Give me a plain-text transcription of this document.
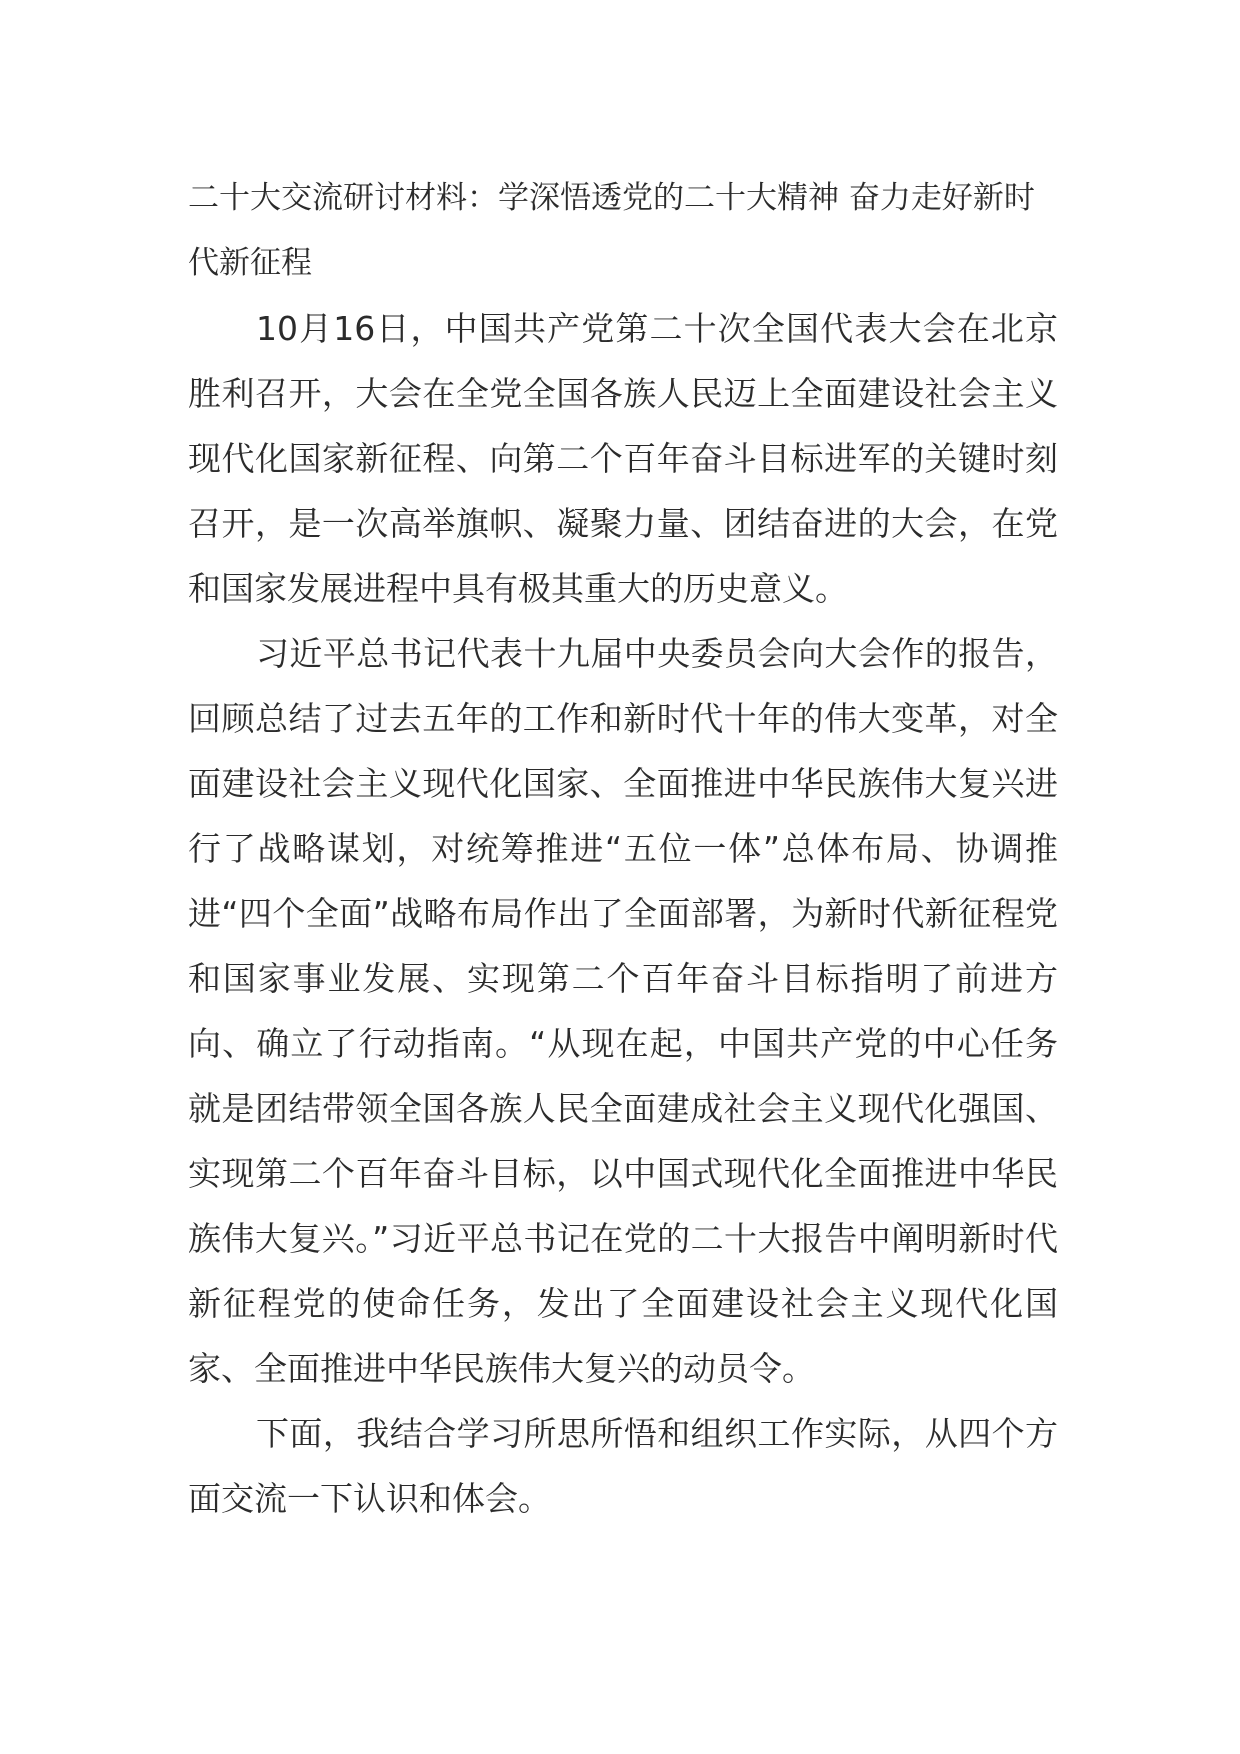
二十大交流研讨材料：学深悟透党的二十大精神 奋力走好新时代新征程

10月16日，中国共产党第二十次全国代表大会在北京胜利召开，大会在全党全国各族人民迈上全面建设社会主义现代化国家新征程、向第二个百年奋斗目标进军的关键时刻召开，是一次高举旗帜、凝聚力量、团结奋进的大会，在党和国家发展进程中具有极其重大的历史意义。

习近平总书记代表十九届中央委员会向大会作的报告，回顾总结了过去五年的工作和新时代十年的伟大变革，对全面建设社会主义现代化国家、全面推进中华民族伟大复兴进行了战略谋划，对统筹推进“五位一体”总体布局、协调推进“四个全面”战略布局作出了全面部署，为新时代新征程党和国家事业发展、实现第二个百年奋斗目标指明了前进方向、确立了行动指南。“从现在起，中国共产党的中心任务就是团结带领全国各族人民全面建成社会主义现代化强国、实现第二个百年奋斗目标，以中国式现代化全面推进中华民族伟大复兴。”习近平总书记在党的二十大报告中阐明新时代新征程党的使命任务，发出了全面建设社会主义现代化国家、全面推进中华民族伟大复兴的动员令。

下面，我结合学习所思所悟和组织工作实际，从四个方面交流一下认识和体会。
